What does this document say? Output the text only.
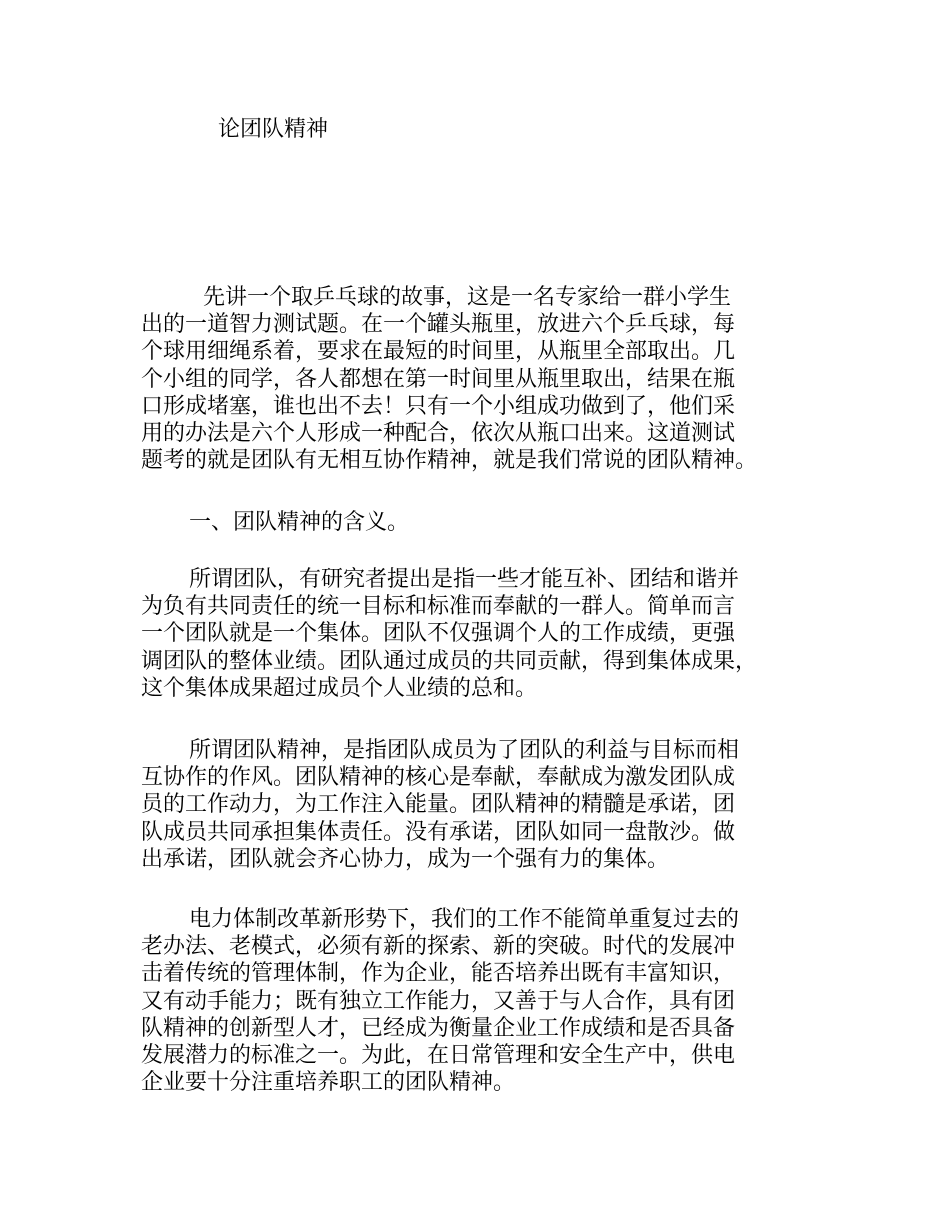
论团队精神
先讲一个取乒乓球的故事，这是一名专家给一群小学生
出的一道智力测试题。在一个罐头瓶里，放进六个乒乓球，每
个球用细绳系着，要求在最短的时间里，从瓶里全部取出。几
个小组的同学，各人都想在第一时间里从瓶里取出，结果在瓶
口形成堵塞，谁也出不去！只有一个小组成功做到了，他们采
用的办法是六个人形成一种配合，依次从瓶口出来。这道测试
题考的就是团队有无相互协作精神，就是我们常说的团队精神。
一、团队精神的含义。
所谓团队，有研究者提出是指一些才能互补、团结和谐并
为负有共同责任的统一目标和标准而奉献的一群人。简单而言
一个团队就是一个集体。团队不仅强调个人的工作成绩，更强
调团队的整体业绩。团队通过成员的共同贡献，得到集体成果，
这个集体成果超过成员个人业绩的总和。
所谓团队精神，是指团队成员为了团队的利益与目标而相
互协作的作风。团队精神的核心是奉献，奉献成为激发团队成
员的工作动力，为工作注入能量。团队精神的精髓是承诺，团
队成员共同承担集体责任。没有承诺，团队如同一盘散沙。做
出承诺，团队就会齐心协力，成为一个强有力的集体。
电力体制改革新形势下，我们的工作不能简单重复过去的
老办法、老模式，必须有新的探索、新的突破。时代的发展冲
击着传统的管理体制，作为企业，能否培养出既有丰富知识，
又有动手能力；既有独立工作能力，又善于与人合作，具有团
队精神的创新型人才，已经成为衡量企业工作成绩和是否具备
发展潜力的标准之一。为此，在日常管理和安全生产中，供电
企业要十分注重培养职工的团队精神。
